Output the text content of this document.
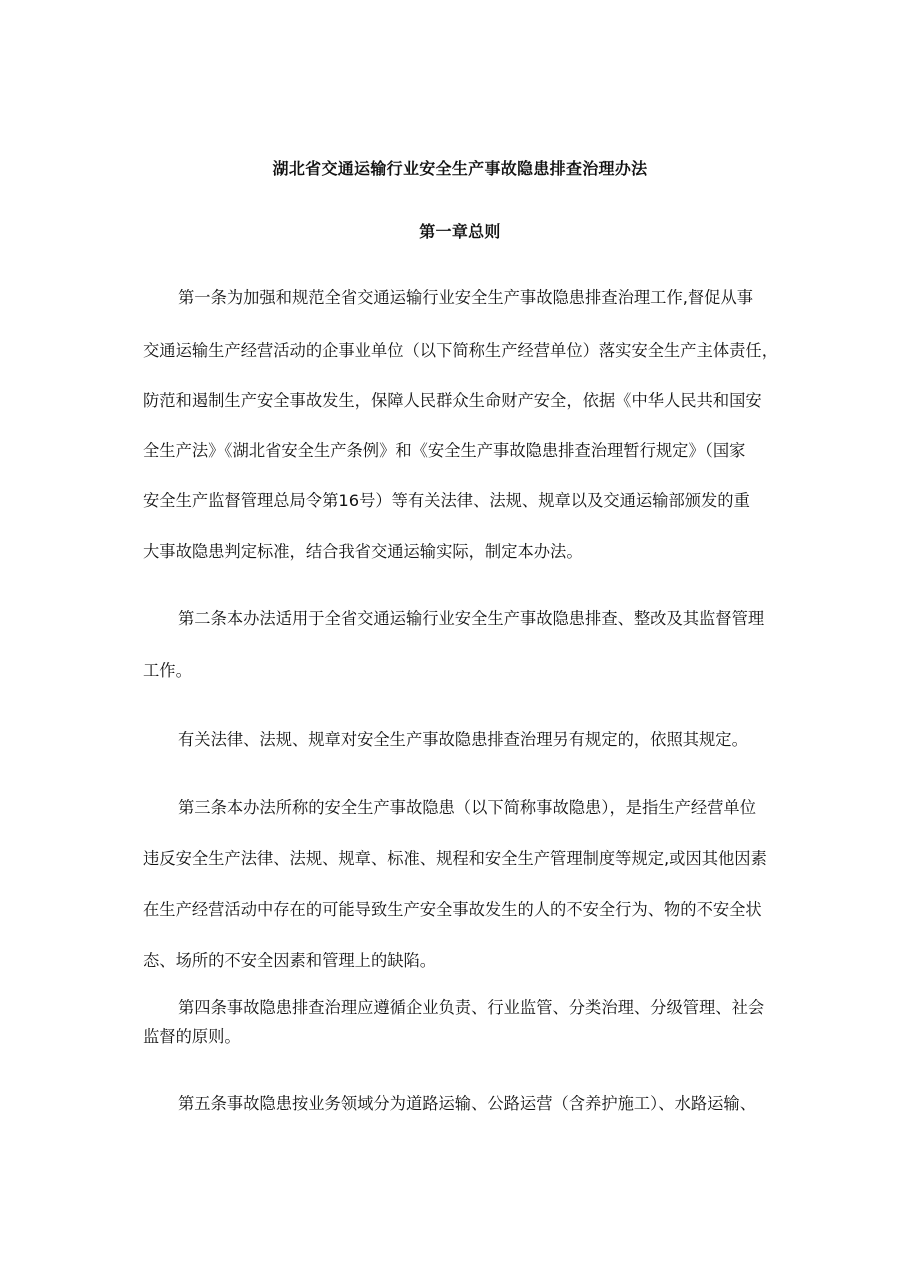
湖北省交通运输行业安全生产事故隐患排查治理办法
第一章总则
第一条为加强和规范全省交通运输行业安全生产事故隐患排查治理工作,督促从事
交通运输生产经营活动的企事业单位（以下简称生产经营单位）落实安全生产主体责任，
防范和遏制生产安全事故发生，保障人民群众生命财产安全，依据《中华人民共和国安
全生产法》《湖北省安全生产条例》和《安全生产事故隐患排查治理暂行规定》（国家
安全生产监督管理总局令第16号）等有关法律、法规、规章以及交通运输部颁发的重
大事故隐患判定标准，结合我省交通运输实际，制定本办法。
第二条本办法适用于全省交通运输行业安全生产事故隐患排查、整改及其监督管理
工作。
有关法律、法规、规章对安全生产事故隐患排查治理另有规定的，依照其规定。
第三条本办法所称的安全生产事故隐患（以下简称事故隐患），是指生产经营单位
违反安全生产法律、法规、规章、标准、规程和安全生产管理制度等规定,或因其他因素
在生产经营活动中存在的可能导致生产安全事故发生的人的不安全行为、物的不安全状
态、场所的不安全因素和管理上的缺陷。
第四条事故隐患排查治理应遵循企业负责、行业监管、分类治理、分级管理、社会
监督的原则。
第五条事故隐患按业务领域分为道路运输、公路运营（含养护施工）、水路运输、
